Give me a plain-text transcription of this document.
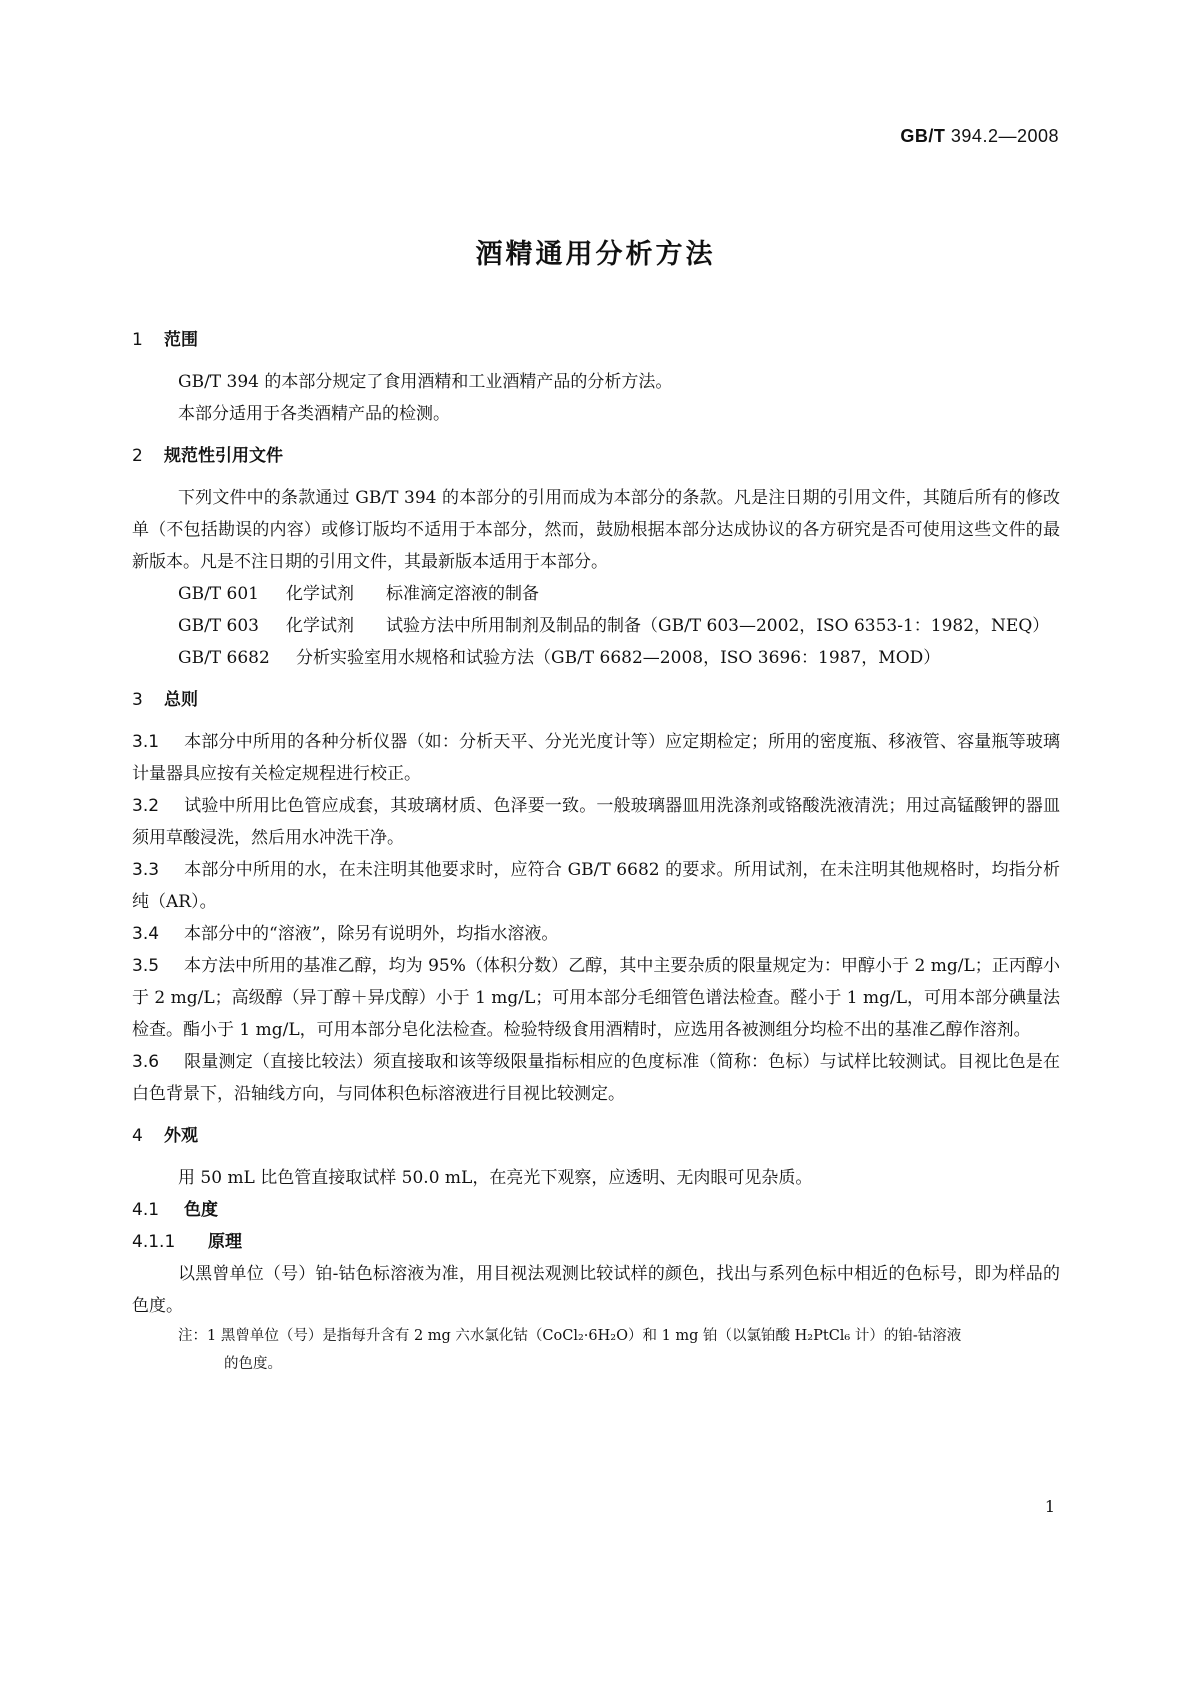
GB/T 394.2—2008
酒精通用分析方法
1 范围

GB/T 394 的本部分规定了食用酒精和工业酒精产品的分析方法。

本部分适用于各类酒精产品的检测。

2 规范性引用文件

下列文件中的条款通过 GB/T 394 的本部分的引用而成为本部分的条款。凡是注日期的引用文件，其随后所有的修改单（不包括勘误的内容）或修订版均不适用于本部分，然而，鼓励根据本部分达成协议的各方研究是否可使用这些文件的最新版本。凡是不注日期的引用文件，其最新版本适用于本部分。

GB/T 601 化学试剂 标准滴定溶液的制备

GB/T 603 化学试剂 试验方法中所用制剂及制品的制备（GB/T 603—2002，ISO 6353-1：1982，NEQ）

GB/T 6682 分析实验室用水规格和试验方法（GB/T 6682—2008，ISO 3696：1987，MOD）

3 总则

3.1 本部分中所用的各种分析仪器（如：分析天平、分光光度计等）应定期检定；所用的密度瓶、移液管、容量瓶等玻璃计量器具应按有关检定规程进行校正。

3.2 试验中所用比色管应成套，其玻璃材质、色泽要一致。一般玻璃器皿用洗涤剂或铬酸洗液清洗；用过高锰酸钾的器皿须用草酸浸洗，然后用水冲洗干净。

3.3 本部分中所用的水，在未注明其他要求时，应符合 GB/T 6682 的要求。所用试剂，在未注明其他规格时，均指分析纯（AR）。

3.4 本部分中的“溶液”，除另有说明外，均指水溶液。

3.5 本方法中所用的基准乙醇，均为 95%（体积分数）乙醇，其中主要杂质的限量规定为：甲醇小于 2 mg/L；正丙醇小于 2 mg/L；高级醇（异丁醇＋异戊醇）小于 1 mg/L；可用本部分毛细管色谱法检查。醛小于 1 mg/L，可用本部分碘量法检查。酯小于 1 mg/L，可用本部分皂化法检查。检验特级食用酒精时，应选用各被测组分均检不出的基准乙醇作溶剂。

3.6 限量测定（直接比较法）须直接取和该等级限量指标相应的色度标准（简称：色标）与试样比较测试。目视比色是在白色背景下，沿轴线方向，与同体积色标溶液进行目视比较测定。

4 外观

用 50 mL 比色管直接取试样 50.0 mL，在亮光下观察，应透明、无肉眼可见杂质。

4.1 色度
4.1.1 原理

以黑曾单位（号）铂-钴色标溶液为准，用目视法观测比较试样的颜色，找出与系列色标中相近的色标号，即为样品的色度。

注：1 黑曾单位（号）是指每升含有 2 mg 六水氯化钴（CoCl₂·6H₂O）和 1 mg 铂（以氯铂酸 H₂PtCl₆ 计）的铂-钴溶液
的色度。

1
